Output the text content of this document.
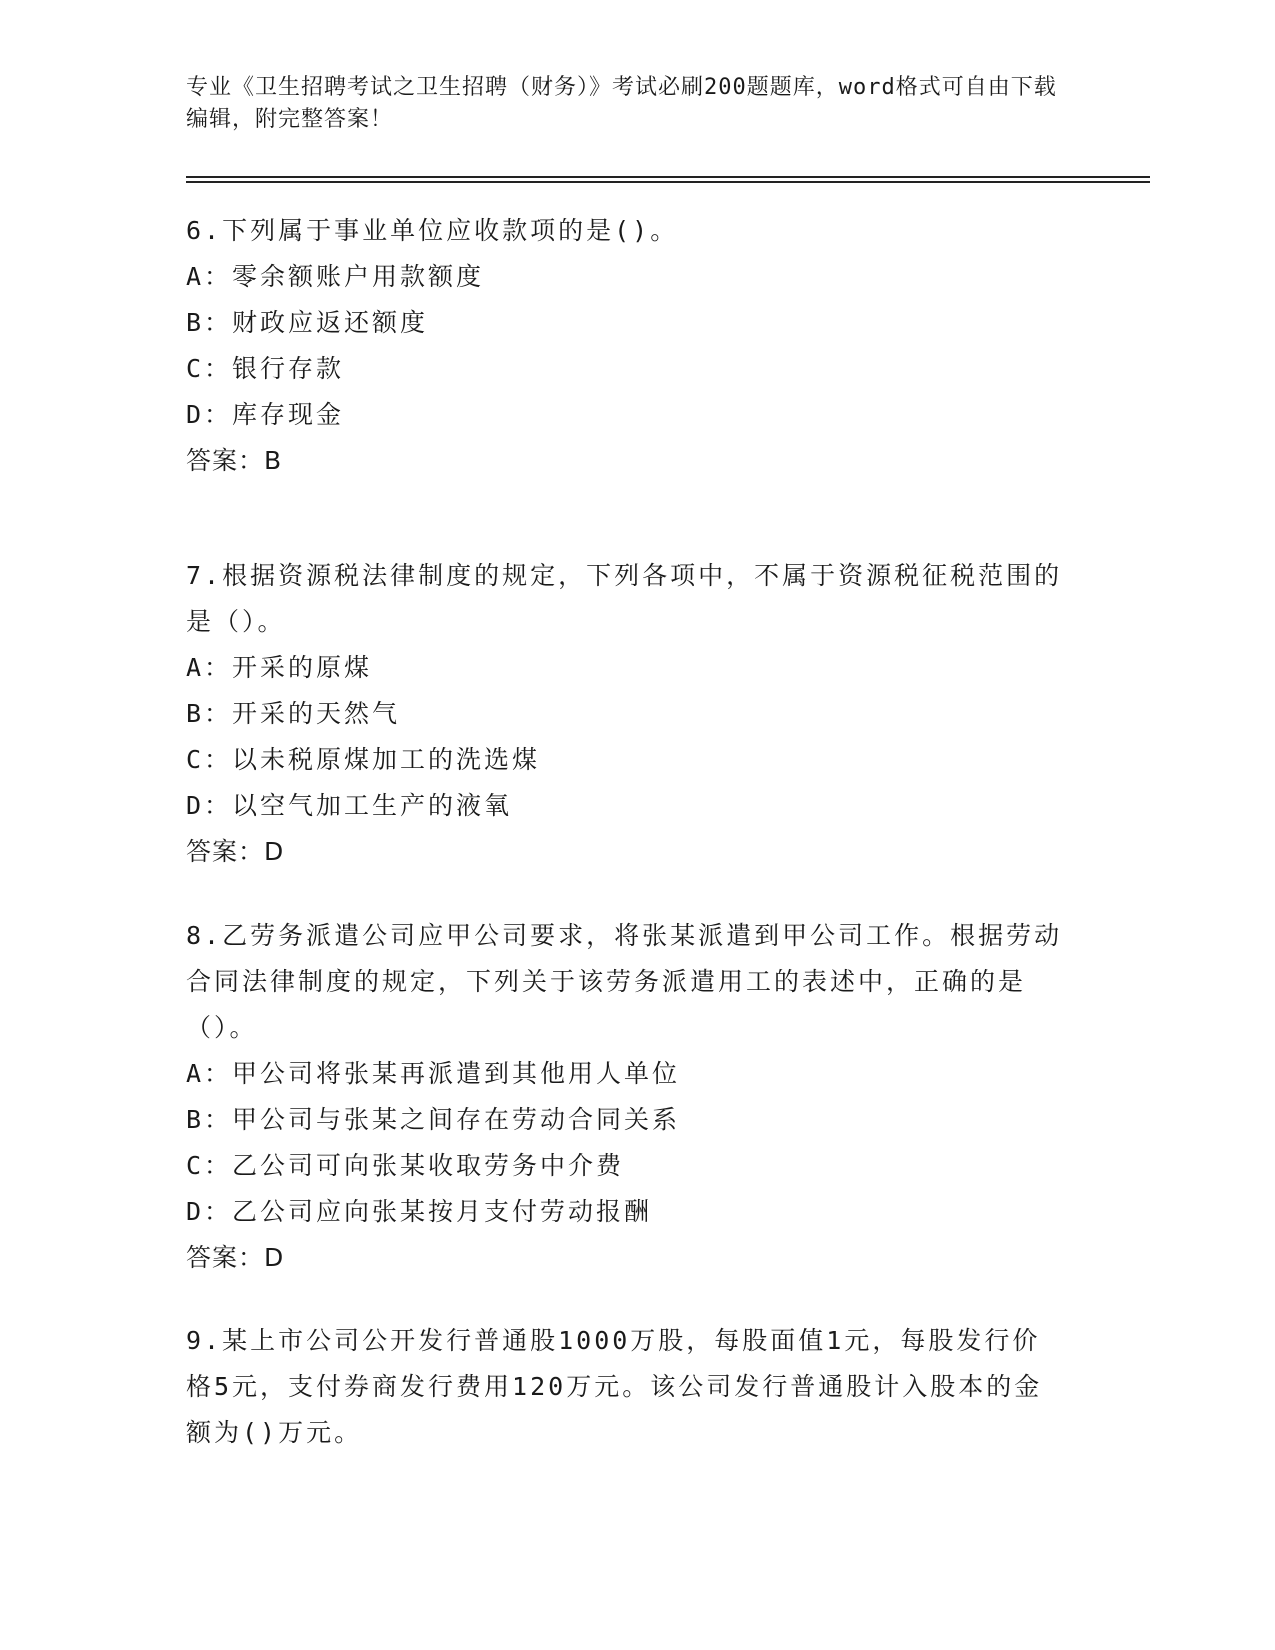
专业《卫生招聘考试之卫生招聘（财务）》考试必刷200题题库，word格式可自由下载编辑，附完整答案！
6.下列属于事业单位应收款项的是()。
A：零余额账户用款额度
B：财政应返还额度
C：银行存款
D：库存现金
答案：B
7.根据资源税法律制度的规定，下列各项中，不属于资源税征税范围的是（）。
A：开采的原煤
B：开采的天然气
C：以未税原煤加工的洗选煤
D：以空气加工生产的液氧
答案：D
8.乙劳务派遣公司应甲公司要求，将张某派遣到甲公司工作。根据劳动合同法律制度的规定，下列关于该劳务派遣用工的表述中，正确的是（）。
A：甲公司将张某再派遣到其他用人单位
B：甲公司与张某之间存在劳动合同关系
C：乙公司可向张某收取劳务中介费
D：乙公司应向张某按月支付劳动报酬
答案：D
9.某上市公司公开发行普通股1000万股，每股面值1元，每股发行价格5元，支付券商发行费用120万元。该公司发行普通股计入股本的金额为()万元。
